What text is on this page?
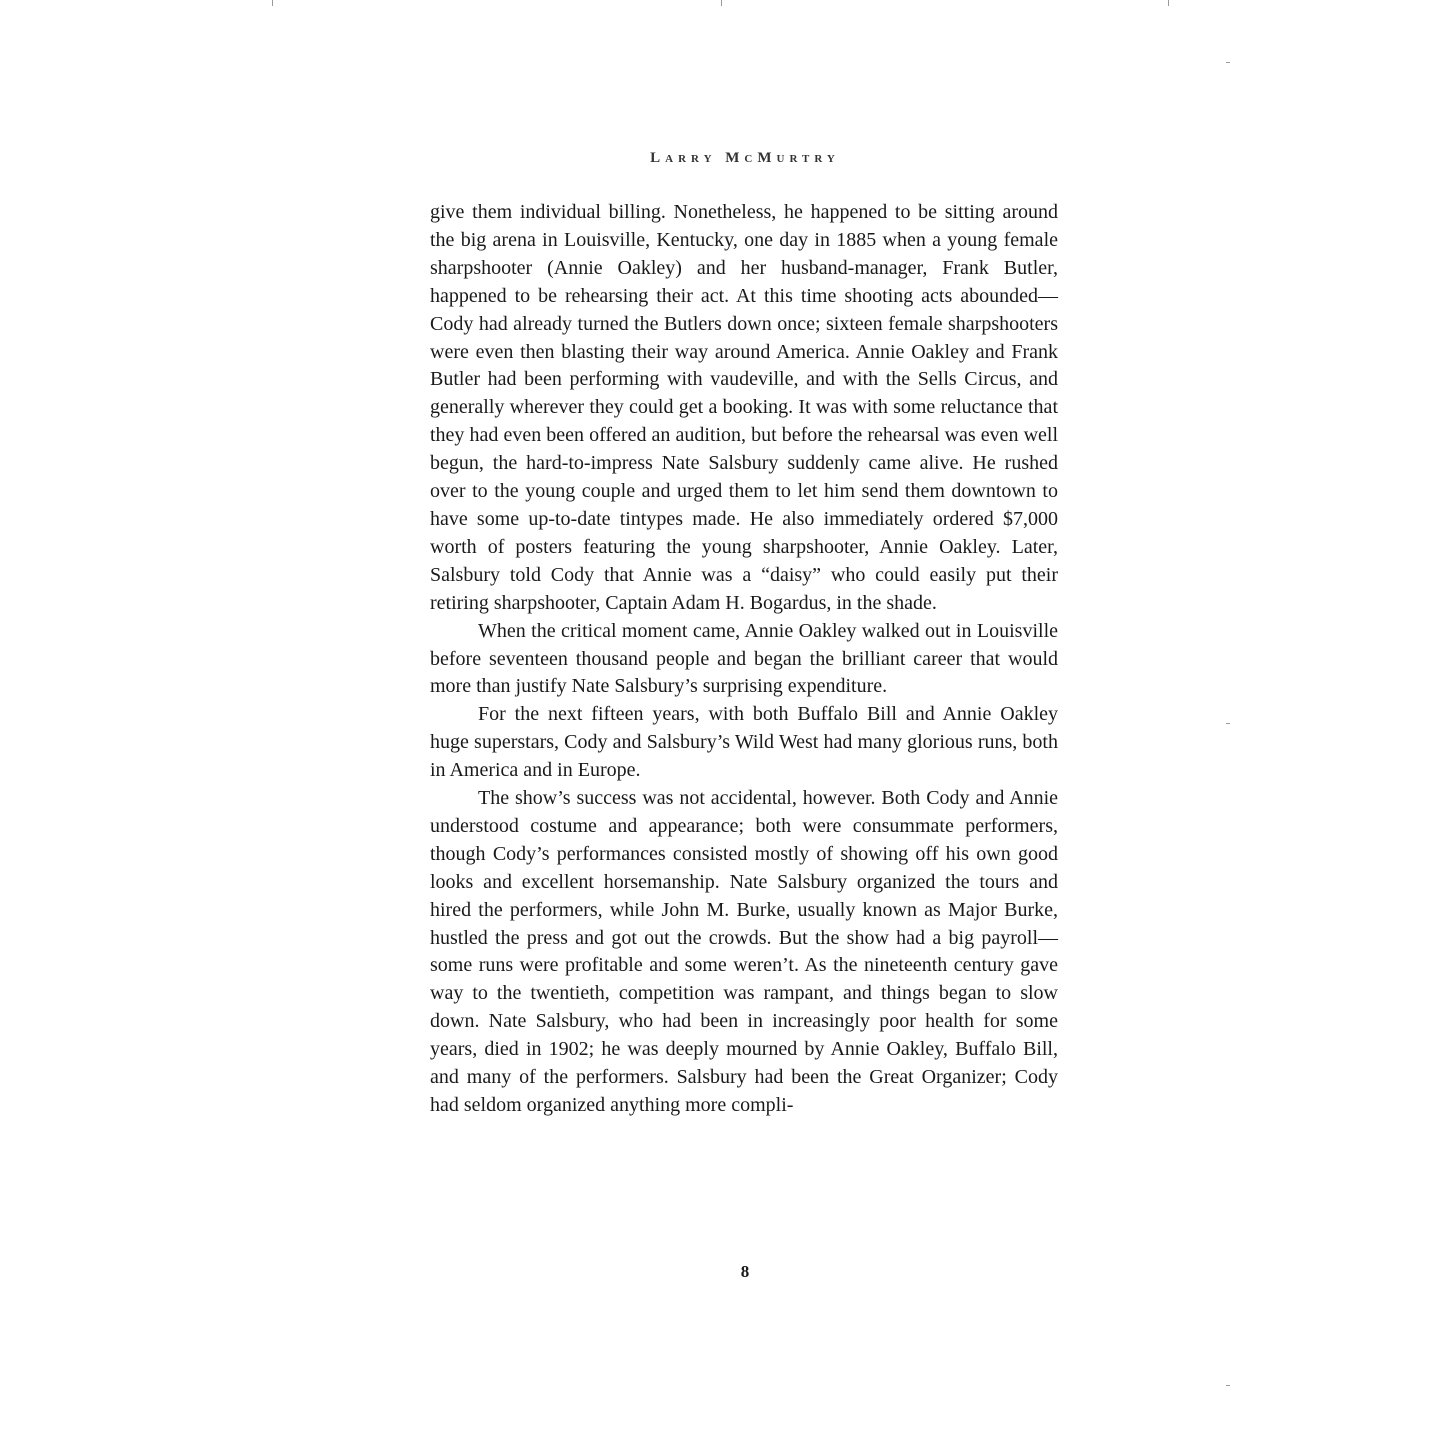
Larry McMurtry

give them individual billing. Nonetheless, he happened to be sitting around the big arena in Louisville, Kentucky, one day in 1885 when a young female sharpshooter (Annie Oakley) and her husband-manager, Frank Butler, happened to be rehearsing their act. At this time shooting acts abounded—Cody had already turned the Butlers down once; sixteen female sharpshooters were even then blasting their way around America. Annie Oakley and Frank Butler had been performing with vaudeville, and with the Sells Circus, and generally wherever they could get a booking. It was with some reluctance that they had even been offered an audition, but before the rehearsal was even well begun, the hard-to-impress Nate Salsbury suddenly came alive. He rushed over to the young couple and urged them to let him send them downtown to have some up-to-date tintypes made. He also immediately ordered $7,000 worth of posters featuring the young sharpshooter, Annie Oakley. Later, Salsbury told Cody that Annie was a “daisy” who could easily put their retiring sharpshooter, Captain Adam H. Bogardus, in the shade.

When the critical moment came, Annie Oakley walked out in Louisville before seventeen thousand people and began the brilliant career that would more than justify Nate Salsbury’s surprising expenditure.

For the next fifteen years, with both Buffalo Bill and Annie Oakley huge superstars, Cody and Salsbury’s Wild West had many glorious runs, both in America and in Europe.

The show’s success was not accidental, however. Both Cody and Annie understood costume and appearance; both were consummate performers, though Cody’s performances consisted mostly of showing off his own good looks and excellent horsemanship. Nate Salsbury organized the tours and hired the performers, while John M. Burke, usually known as Major Burke, hustled the press and got out the crowds. But the show had a big payroll—some runs were profitable and some weren’t. As the nineteenth century gave way to the twentieth, competition was rampant, and things began to slow down. Nate Salsbury, who had been in increasingly poor health for some years, died in 1902; he was deeply mourned by Annie Oakley, Buffalo Bill, and many of the performers. Salsbury had been the Great Organizer; Cody had seldom organized anything more compli-

8
